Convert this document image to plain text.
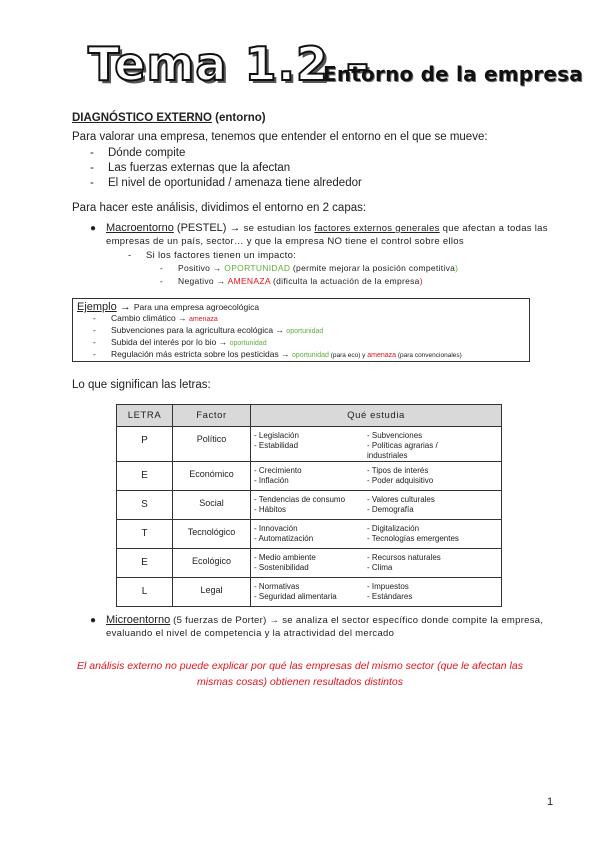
Tema 1.2 –
Entorno de la empresa
DIAGNÓSTICO EXTERNO (entorno)
Para valorar una empresa, tenemos que entender el entorno en el que se mueve:
- Dónde compite
- Las fuerzas externas que la afectan
- El nivel de oportunidad / amenaza tiene alrededor
Para hacer este análisis, dividimos el entorno en 2 capas:
● Macroentorno (PESTEL) → se estudian los factores externos generales que afectan a todas las
empresas de un país, sector… y que la empresa NO tiene el control sobre ellos
- Si los factores tienen un impacto:
- Positivo → OPORTUNIDAD (permite mejorar la posición competitiva)
- Negativo → AMENAZA (dificulta la actuación de la empresa)
Ejemplo → Para una empresa agroecológica
- Cambio climático → amenaza
- Subvenciones para la agricultura ecológica → oportunidad
- Subida del interés por lo bio → oportunidad
- Regulación más estricta sobre los pesticidas → oportunidad (para eco) y amenaza (para convencionales)
Lo que significan las letras:
LETRA	Factor	Qué estudia
P	Político	- Legislación
- Estabilidad
- Subvenciones
- Políticas agrarias / industriales

E	Económico	- Crecimiento
- Inflación
- Tipos de interés
- Poder adquisitivo

S	Social	- Tendencias de consumo
- Hábitos
- Valores culturales
- Demografía

T	Tecnológico	- Innovación
- Automatización
- Digitalización
- Tecnologías emergentes

E	Ecológico	- Medio ambiente
- Sostenibilidad
- Recursos naturales
- Clima

L	Legal	- Normativas
- Seguridad alimentaria
- Impuestos
- Estándares
● Microentorno (5 fuerzas de Porter) → se analiza el sector específico donde compite la empresa,
evaluando el nivel de competencia y la atractividad del mercado
El análisis externo no puede explicar por qué las empresas del mismo sector (que le afectan las
mismas cosas) obtienen resultados distintos
1
